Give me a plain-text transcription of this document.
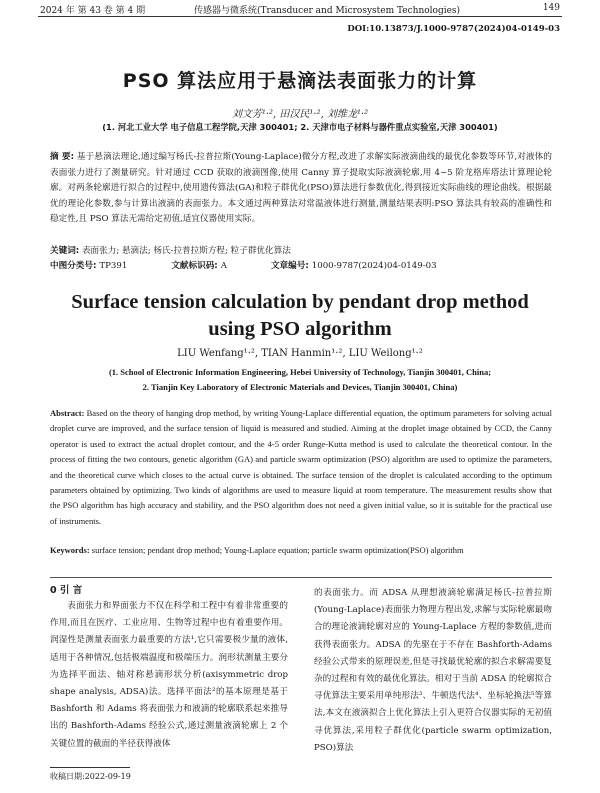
2024 年 第 43 卷 第 4 期	传感器与微系统(Transducer and Microsystem Technologies)	149
DOI:10.13873/J.1000-9787(2024)04-0149-03
PSO 算法应用于悬滴法表面张力的计算
刘文芳¹·², 田汉民¹·², 刘维龙¹·²
(1. 河北工业大学 电子信息工程学院,天津 300401; 2. 天津市电子材料与器件重点实验室,天津 300401)
摘 要: 基于悬滴法理论,通过编写杨氏-拉普拉斯(Young-Laplace)微分方程,改进了求解实际液滴曲线的最优化参数等环节,对液体的表面张力进行了测量研究。针对通过 CCD 获取的液滴图像,使用 Canny 算子提取实际液滴轮廓,用 4~5 阶龙格库塔法计算理论轮廓。对两条轮廓进行拟合的过程中,使用遗传算法(GA)和粒子群优化(PSO)算法进行参数优化,得到接近实际曲线的理论曲线。根据最优的理论化参数,参与计算出液滴的表面张力。本文通过两种算法对常温液体进行测量,测量结果表明:PSO 算法具有较高的准确性和稳定性,且 PSO 算法无需给定初值,适宜仪器使用实际。
关键词: 表面张力; 悬滴法; 杨氏-拉普拉斯方程; 粒子群优化算法
中图分类号: TP391	文献标识码: A	文章编号: 1000-9787(2024)04-0149-03
Surface tension calculation by pendant drop method
using PSO algorithm
LIU Wenfang¹·², TIAN Hanmin¹·², LIU Weilong¹·²
(1. School of Electronic Information Engineering, Hebei University of Technology, Tianjin 300401, China;
2. Tianjin Key Laboratory of Electronic Materials and Devices, Tianjin 300401, China)
Abstract: Based on the theory of hanging drop method, by writing Young-Laplace differential equation, the optimum parameters for solving actual droplet curve are improved, and the surface tension of liquid is measured and studied. Aiming at the droplet image obtained by CCD, the Canny operator is used to extract the actual droplet contour, and the 4-5 order Runge-Kutta method is used to calculate the theoretical contour. In the process of fitting the two contours, genetic algorithm (GA) and particle swarm optimization (PSO) algorithm are used to optimize the parameters, and the theoretical curve which closes to the actual curve is obtained. The surface tension of the droplet is calculated according to the optimum parameters obtained by optimizing. Two kinds of algorithms are used to measure liquid at room temperature. The measurement results show that the PSO algorithm has high accuracy and stability, and the PSO algorithm does not need a given initial value, so it is suitable for the practical use of instruments.
Keywords: surface tension; pendant drop method; Young-Laplace equation; particle swarm optimization(PSO) algorithm
0 引 言
表面张力和界面张力不仅在科学和工程中有着非常重要的作用,而且在医疗、工业应用、生物等过程中也有着重要作用。润湿性是测量表面张力最重要的方法¹,它只需要极少量的液体,适用于各种情况,包括极端温度和极端压力。润形状测量主要分为选择平面法、轴对称悬滴形状分析(axisymmetric drop shape analysis, ADSA)法。选择平面法²的基本原理是基于 Bashforth 和 Adams 将表面张力和液滴的轮廓联系起来推导出的 Bashforth-Adams 经验公式,通过测量液滴轮廓上 2 个关键位置的截面的半径获得液体
的表面张力。而 ADSA 从理想液滴轮廓满足杨氏-拉普拉斯(Young-Laplace)表面张力物理方程出发,求解与实际轮廓最吻合的理论液滴轮廓对应的 Young-Laplace 方程的参数值,进而获得表面张力。ADSA 的先驱在于不存在 Bashforth-Adams 经验公式带来的原理误差,但是寻找最优轮廓的拟合求解需要复杂的过程和有效的最优化算法。相对于当前 ADSA 的轮廓拟合寻优算法主要采用单纯形法³、牛顿迭代法⁴、坐标轮换法⁵等算法,本文在液滴拟合上优化算法上引入更符合仪器实际的无初值寻优算法,采用粒子群优化(particle swarm optimization, PSO)算法
收稿日期:2022-09-19
